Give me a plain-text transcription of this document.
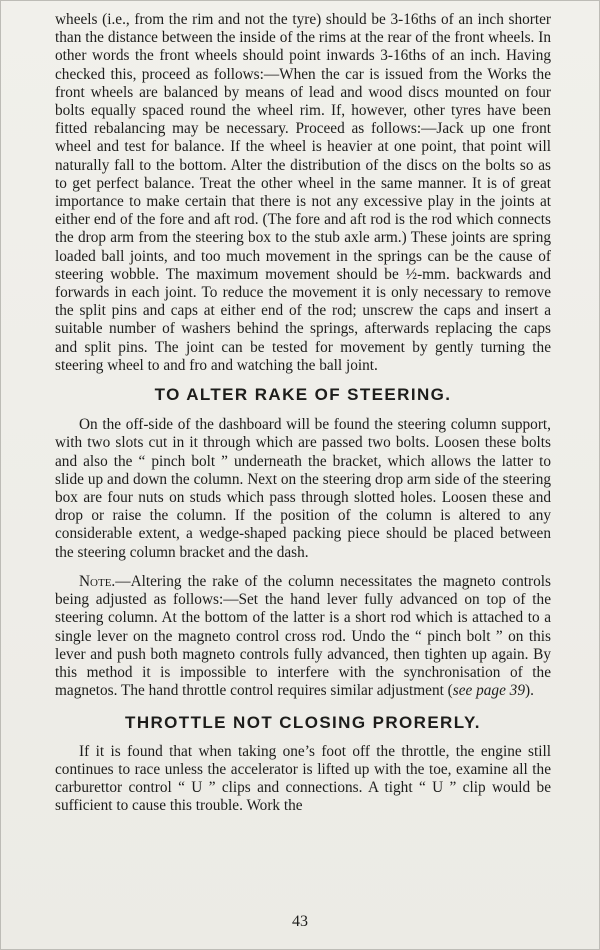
wheels (i.e., from the rim and not the tyre) should be 3-16ths of an inch shorter than the distance between the inside of the rims at the rear of the front wheels. In other words the front wheels should point inwards 3-16ths of an inch. Having checked this, proceed as follows:—When the car is issued from the Works the front wheels are balanced by means of lead and wood discs mounted on four bolts equally spaced round the wheel rim. If, however, other tyres have been fitted rebalancing may be necessary. Proceed as follows:—Jack up one front wheel and test for balance. If the wheel is heavier at one point, that point will naturally fall to the bottom. Alter the distribution of the discs on the bolts so as to get perfect balance. Treat the other wheel in the same manner. It is of great importance to make certain that there is not any excessive play in the joints at either end of the fore and aft rod. (The fore and aft rod is the rod which connects the drop arm from the steering box to the stub axle arm.) These joints are spring loaded ball joints, and too much movement in the springs can be the cause of steering wobble. The maximum movement should be ½-mm. backwards and forwards in each joint. To reduce the movement it is only necessary to remove the split pins and caps at either end of the rod; unscrew the caps and insert a suitable number of washers behind the springs, afterwards replacing the caps and split pins. The joint can be tested for movement by gently turning the steering wheel to and fro and watching the ball joint.

TO ALTER RAKE OF STEERING.

On the off-side of the dashboard will be found the steering column support, with two slots cut in it through which are passed two bolts. Loosen these bolts and also the “ pinch bolt ” underneath the bracket, which allows the latter to slide up and down the column. Next on the steering drop arm side of the steering box are four nuts on studs which pass through slotted holes. Loosen these and drop or raise the column. If the position of the column is altered to any considerable extent, a wedge-shaped packing piece should be placed between the steering column bracket and the dash.

Note.—Altering the rake of the column necessitates the magneto controls being adjusted as follows:—Set the hand lever fully advanced on top of the steering column. At the bottom of the latter is a short rod which is attached to a single lever on the magneto control cross rod. Undo the “ pinch bolt ” on this lever and push both magneto controls fully advanced, then tighten up again. By this method it is impossible to interfere with the synchronisation of the magnetos. The hand throttle control requires similar adjustment (see page 39).

THROTTLE NOT CLOSING PRORERLY.

If it is found that when taking one’s foot off the throttle, the engine still continues to race unless the accelerator is lifted up with the toe, examine all the carburettor control “ U ” clips and connections. A tight “ U ” clip would be sufficient to cause this trouble. Work the

43
